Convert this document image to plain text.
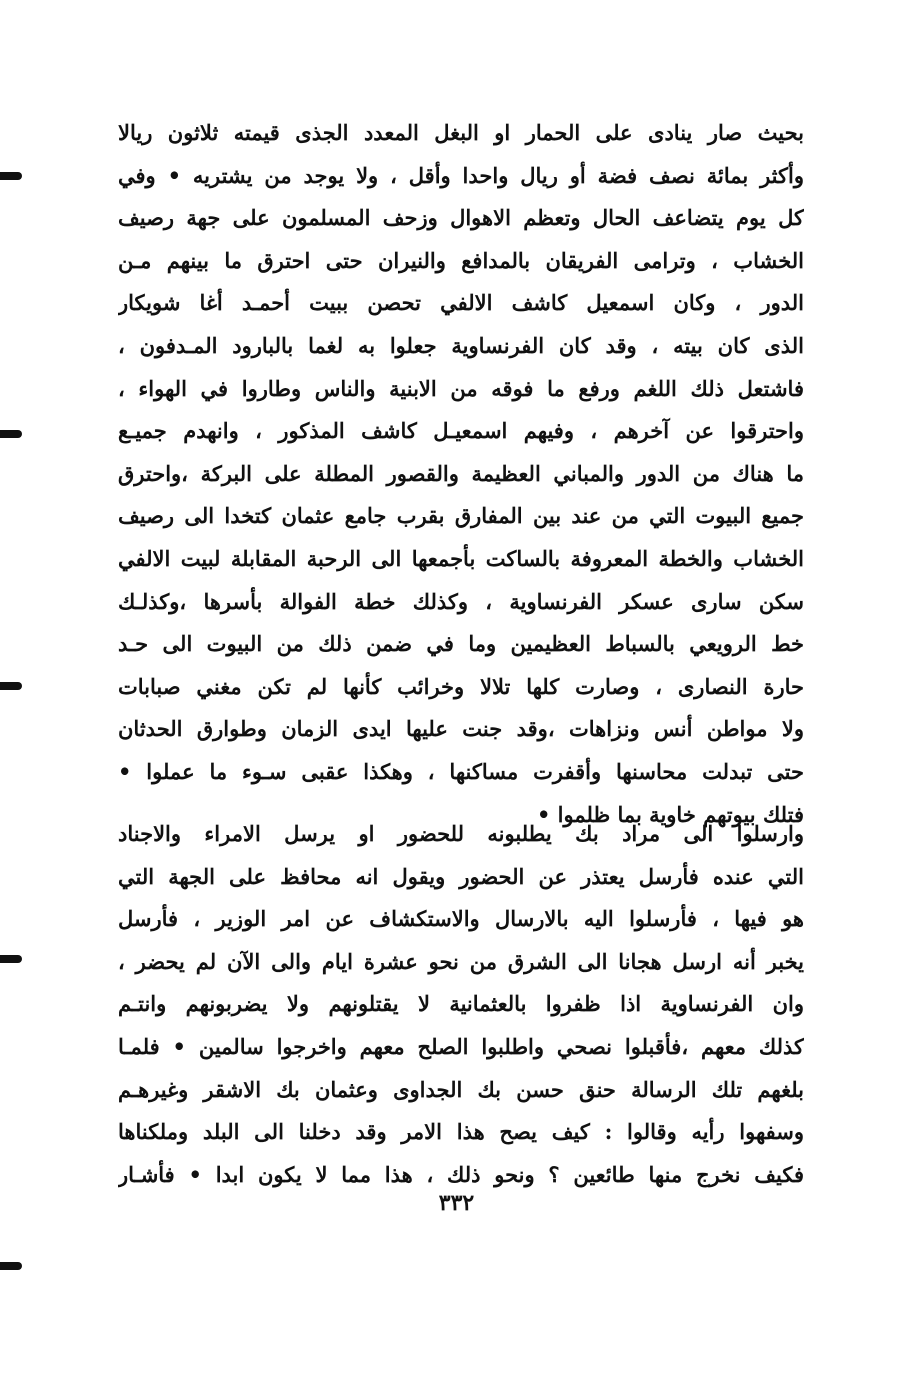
بحيث صار ينادى على الحمار او البغل المعدد الجذى قيمته ثلاثون ريالا
وأكثر بمائة نصف فضة أو ريال واحدا وأقل ، ولا يوجد من يشتريه • وفي
كل يوم يتضاعف الحال وتعظم الاهوال وزحف المسلمون على جهة رصيف
الخشاب ، وترامى الفريقان بالمدافع والنيران حتى احترق ما بينهم مـن
الدور ، وكان اسمعيل كاشف الالفي تحصن ببيت أحمـد أغا شويكار
الذى كان بيته ، وقد كان الفرنساوية جعلوا به لغما بالبارود المـدفون ،
فاشتعل ذلك اللغم ورفع ما فوقه من الابنية والناس وطاروا في الهواء ،
واحترقوا عن آخرهم ، وفيهم اسمعيـل كاشف المذكور ، وانهدم جميـع
ما هناك من الدور والمباني العظيمة والقصور المطلة على البركة ،واحترق
جميع البيوت التي من عند بين المفارق بقرب جامع عثمان كتخدا الى رصيف
الخشاب والخطة المعروفة بالساكت بأجمعها الى الرحبة المقابلة لبيت الالفي
سكن سارى عسكر الفرنساوية ، وكذلك خطة الفوالة بأسرها ،وكذلـك
خط الرويعي بالسباط العظيمين وما في ضمن ذلك من البيوت الى حـد
حارة النصارى ، وصارت كلها تلالا وخرائب كأنها لم تكن مغني صبابات
ولا مواطن أنس ونزاهات ،وقد جنت عليها ايدى الزمان وطوارق الحدثان
حتى تبدلت محاسنها وأقفرت مساكنها ، وهكذا عقبى سـوء ما عملوا •
فتلك بيوتهم خاوية بما ظلموا •
وارسلوا الى مراد بك يطلبونه للحضور او يرسل الامراء والاجناد
التي عنده فأرسل يعتذر عن الحضور ويقول انه محافظ على الجهة التي
هو فيها ، فأرسلوا اليه بالارسال والاستكشاف عن امر الوزير ، فأرسل
يخبر أنه ارسل هجانا الى الشرق من نحو عشرة ايام والى الآن لم يحضر ،
وان الفرنساوية اذا ظفروا بالعثمانية لا يقتلونهم ولا يضربونهم وانتـم
كذلك معهم ،فأقبلوا نصحي واطلبوا الصلح معهم واخرجوا سالمين • فلمـا
بلغهم تلك الرسالة حنق حسن بك الجداوى وعثمان بك الاشقر وغيرهـم
وسفهوا رأيه وقالوا : كيف يصح هذا الامر وقد دخلنا الى البلد وملكناها
فكيف نخرج منها طائعين ؟ ونحو ذلك ، هذا مما لا يكون ابدا • فأشـار
٣٣٢
